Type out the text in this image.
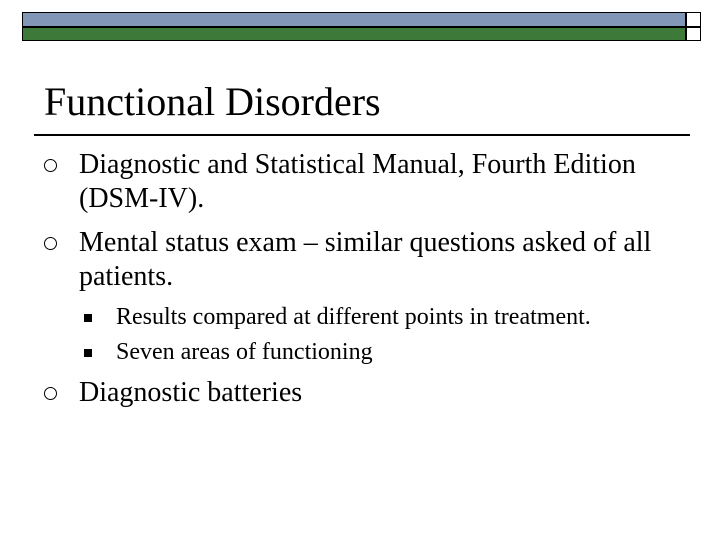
Functional Disorders
Diagnostic and Statistical Manual, Fourth Edition (DSM-IV).
Mental status exam – similar questions asked of all patients.
Results compared at different points in treatment.
Seven areas of functioning
Diagnostic batteries
